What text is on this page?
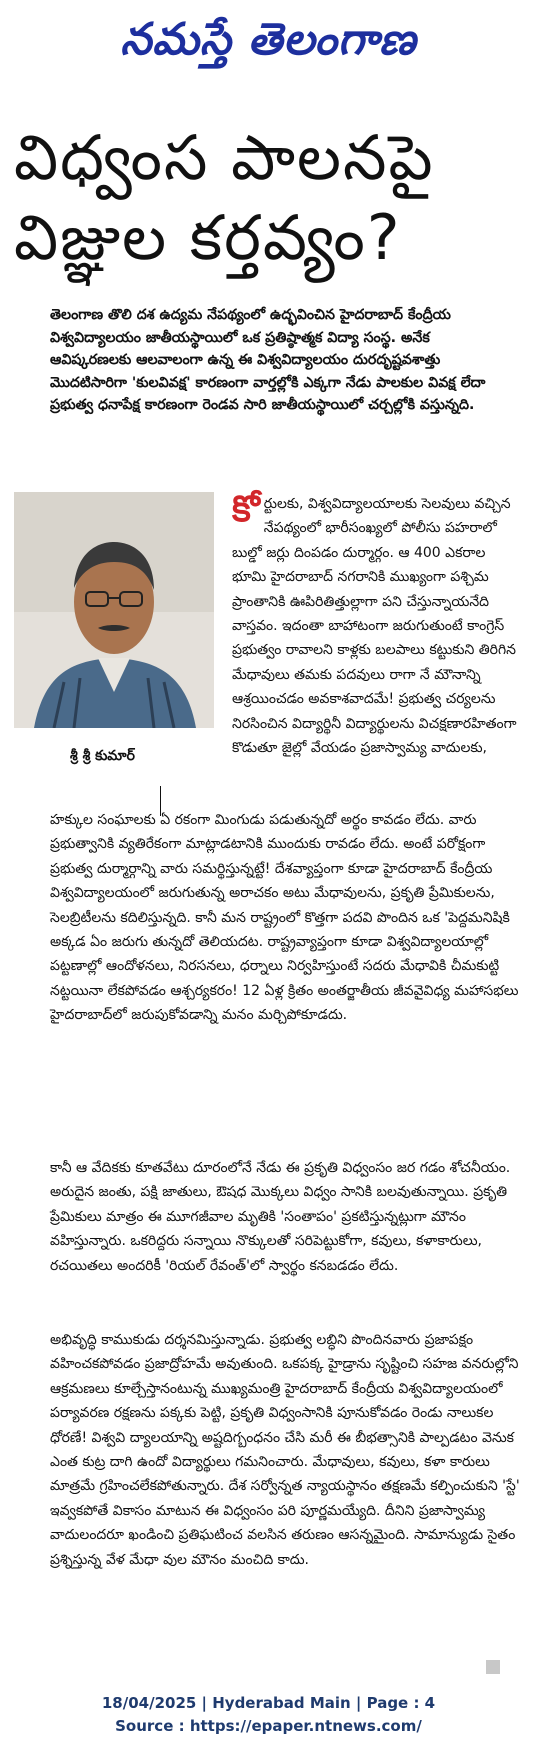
నమస్తే తెలంగాణ
విధ్వంస పాలనపై
విజ్ఞుల కర్తవ్యం?
తెలంగాణ తొలి దశ ఉద్యమ నేపథ్యంలో ఉద్భవించిన హైదరాబాద్ కేంద్రీయ విశ్వవిద్యాలయం జాతీయస్థాయిలో ఒక ప్రతిష్ఠాత్మక విద్యా సంస్థ. అనేక ఆవిష్కరణలకు ఆలవాలంగా ఉన్న ఈ విశ్వవిద్యాలయం దురదృష్టవశాత్తు మొదటిసారిగా 'కులవివక్ష' కారణంగా వార్తల్లోకి ఎక్కగా నేడు పాలకుల వివక్ష లేదా ప్రభుత్వ ధనాపేక్ష కారణంగా రెండవ సారి జాతీయస్థాయిలో చర్చల్లోకి వస్తున్నది.
శ్రీ శ్రీ కుమార్
కో ర్టులకు, విశ్వవిద్యాలయాలకు సెలవులు వచ్చిన నేపథ్యంలో భారీసంఖ్యలో పోలీసు పహరాలో బుల్డో జర్లు దింపడం దుర్మార్గం. ఆ 400 ఎకరాల భూమి హైదరాబాద్ నగరానికి ముఖ్యంగా పశ్చిమ ప్రాంతానికి ఊపిరితిత్తుల్లాగా పని చేస్తున్నాయనేది వాస్తవం. ఇదంతా బాహాటంగా జరుగుతుంటే కాంగ్రెస్ ప్రభుత్వం రావాలని కాళ్లకు బలపాలు కట్టుకుని తిరిగిన మేధావులు తమకు పదవులు రాగా నే మౌనాన్ని ఆశ్రయించడం అవకాశవాదమే! ప్రభుత్వ చర్యలను నిరసించిన విద్యార్థినీ విద్యార్థులను విచక్షణారహితంగా కొడుతూ జైల్లో వేయడం ప్రజాస్వామ్య వాదులకు,
హక్కుల సంఘాలకు ఏ రకంగా మింగుడు పడుతున్నదో అర్థం కావడం లేదు. వారు ప్రభుత్వానికి వ్యతిరేకంగా మాట్లాడటానికి ముందుకు రావడం లేదు. అంటే పరోక్షంగా ప్రభుత్వ దుర్మార్గాన్ని వారు సమర్థిస్తున్నట్టే! దేశవ్యాప్తంగా కూడా హైదరాబాద్ కేంద్రీయ విశ్వవిద్యాలయంలో జరుగుతున్న అరాచకం అటు మేధావులను, ప్రకృతి ప్రేమికులను, సెలబ్రిటీలను కదిలిస్తున్నది. కానీ మన రాష్ట్రంలో కొత్తగా పదవి పొందిన ఒక 'పెద్దమనిషికి అక్కడ ఏం జరుగు తున్నదో తెలియదట. రాష్ట్రవ్యాప్తంగా కూడా విశ్వవిద్యాలయాల్లో పట్టణాల్లో ఆందోళనలు, నిరసనలు, ధర్నాలు నిర్వహిస్తుంటే సదరు మేధావికి చీమకుట్టి నట్టయినా లేకపోవడం ఆశ్చర్యకరం! 12 ఏళ్ల క్రితం అంతర్జాతీయ జీవవైవిధ్య మహాసభలు హైదరాబాద్‌లో జరుపుకోవడాన్ని మనం మర్చిపోకూడదు.
కానీ ఆ వేదికకు కూతవేటు దూరంలోనే నేడు ఈ ప్రకృతి విధ్వంసం జర గడం శోచనీయం. అరుదైన జంతు, పక్షి జాతులు, ఔషధ మొక్కలు విధ్వం సానికి బలవుతున్నాయి. ప్రకృతి ప్రేమికులు మాత్రం ఈ మూగజీవాల మృతికి 'సంతాపం' ప్రకటిస్తున్నట్లుగా మౌనం వహిస్తున్నారు. ఒకరిద్దరు సన్నాయి నొక్కులతో సరిపెట్టుకోగా, కవులు, కళాకారులు, రచయితలు అందరికీ 'రియల్ రేవంత్'లో స్వార్థం కనబడడం లేదు.
అభివృద్ధి కాముకుడు దర్శనమిస్తున్నాడు. ప్రభుత్వ లబ్ధిని పొందినవారు ప్రజాపక్షం వహించకపోవడం ప్రజాద్రోహమే అవుతుంది. ఒకపక్క హైడ్రాను సృష్టించి సహజ వనరుల్లోని ఆక్రమణలు కూల్చేస్తానంటున్న ముఖ్యమంత్రి హైదరాబాద్ కేంద్రీయ విశ్వవిద్యాలయంలో పర్యావరణ రక్షణను పక్కకు పెట్టి, ప్రకృతి విధ్వంసానికి పూనుకోవడం రెండు నాలుకల ధోరణే! విశ్వవి ద్యాలయాన్ని అష్టదిగ్బంధనం చేసి మరీ ఈ బీభత్సానికి పాల్పడటం వెనుక ఎంత కుట్ర దాగి ఉందో విద్యార్థులు గమనించారు. మేధావులు, కవులు, కళా కారులు మాత్రమే గ్రహించలేకపోతున్నారు. దేశ సర్వోన్నత న్యాయస్థానం తక్షణమే కల్పించుకుని 'స్టే' ఇవ్వకపోతే వికాసం మాటున ఈ విధ్వంసం పరి పూర్ణమయ్యేది. దీనిని ప్రజాస్వామ్య వాదులందరూ ఖండించి ప్రతిఘటించ వలసిన తరుణం ఆసన్నమైంది. సామాన్యుడు సైతం ప్రశ్నిస్తున్న వేళ మేధా వుల మౌనం మంచిది కాదు.
18/04/2025 | Hyderabad Main | Page : 4
Source : https://epaper.ntnews.com/
